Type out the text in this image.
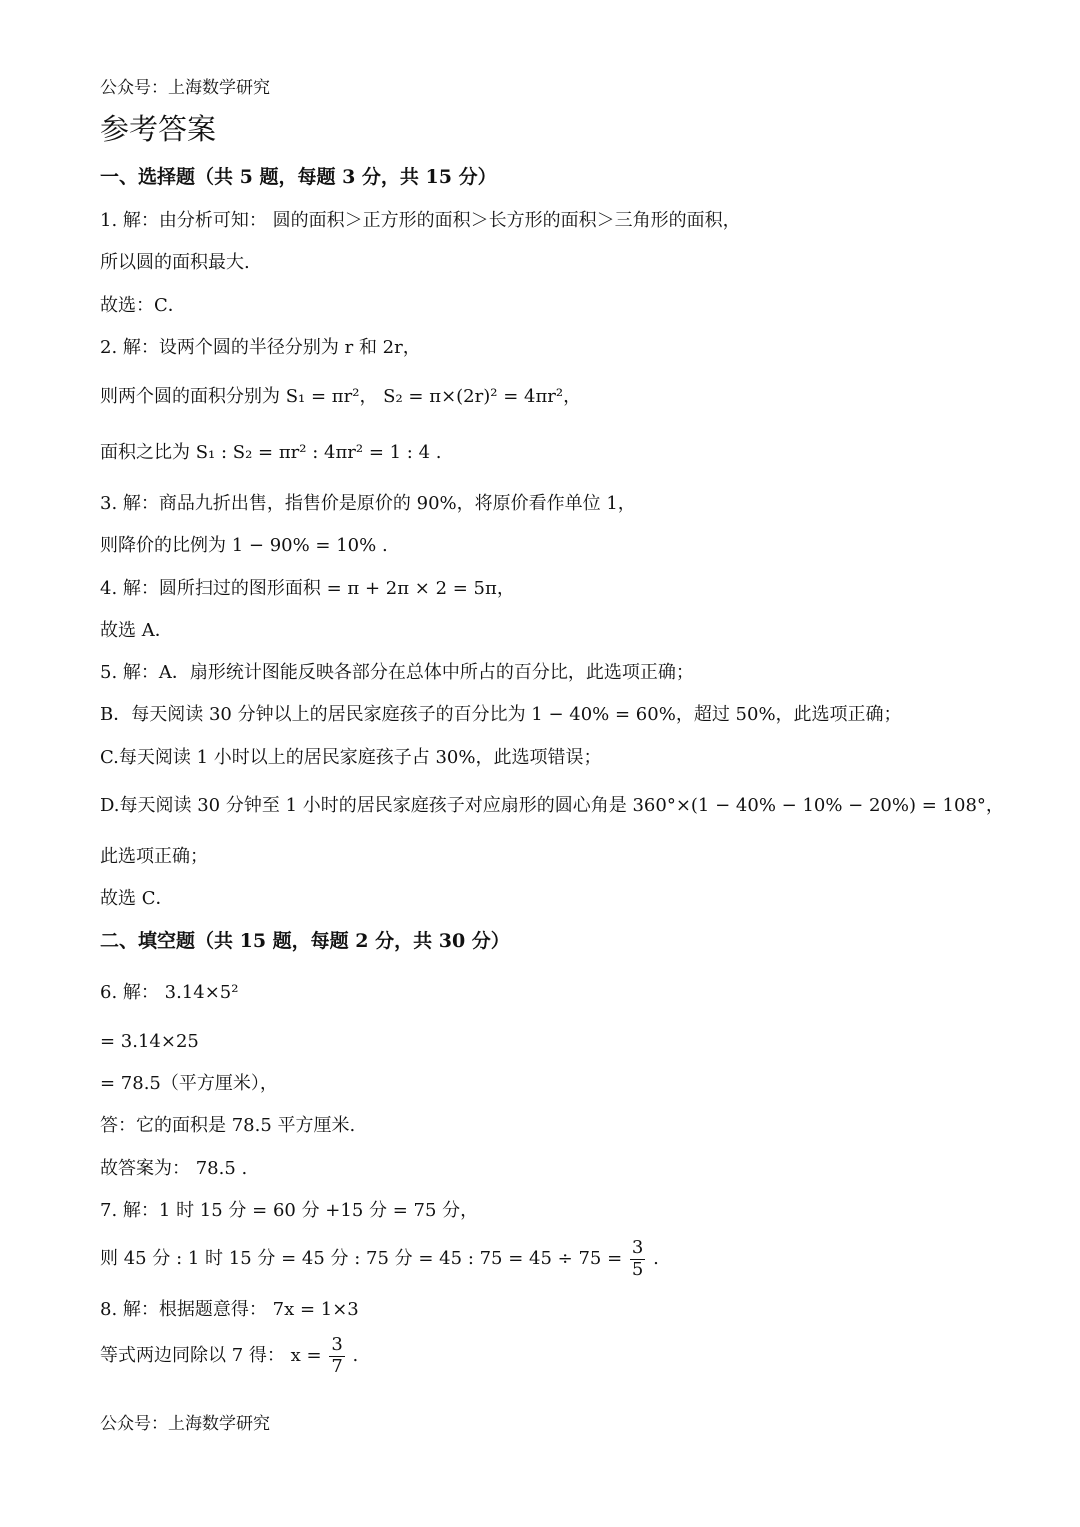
公众号：上海数学研究
参考答案
一、选择题（共 5 题，每题 3 分，共 15 分）
1. 解：由分析可知： 圆的面积＞正方形的面积＞长方形的面积＞三角形的面积，
所以圆的面积最大.
故选：C．
2. 解：设两个圆的半径分别为 r 和 2r，
则两个圆的面积分别为 S₁ = πr²， S₂ = π×(2r)² = 4πr²，
面积之比为 S₁ : S₂ = πr² : 4πr² = 1 : 4 .
3. 解：商品九折出售，指售价是原价的 90%，将原价看作单位 1，
则降价的比例为 1 − 90% = 10% .
4. 解：圆所扫过的图形面积 = π + 2π × 2 = 5π，
故选 A．
5. 解：A．扇形统计图能反映各部分在总体中所占的百分比，此选项正确；
B．每天阅读 30 分钟以上的居民家庭孩子的百分比为 1 − 40% = 60%，超过 50%，此选项正确；
C.每天阅读 1 小时以上的居民家庭孩子占 30%，此选项错误；
D.每天阅读 30 分钟至 1 小时的居民家庭孩子对应扇形的圆心角是 360°×(1 − 40% − 10% − 20%) = 108°，
此选项正确；
故选 C．
二、填空题（共 15 题，每题 2 分，共 30 分）
6. 解： 3.14×5²
= 3.14×25
= 78.5（平方厘米），
答：它的面积是 78.5 平方厘米.
故答案为： 78.5 .
7. 解：1 时 15 分 = 60 分 +15 分 = 75 分，
则 45 分 : 1 时 15 分 = 45 分 : 75 分 = 45 : $75 = 45 \div 75 = \frac{3}{5}$ .
8. 解：根据题意得： 7x = 1×3
等式两边同除以 7 得： $x = \frac{3}{7}$ .
公众号：上海数学研究
